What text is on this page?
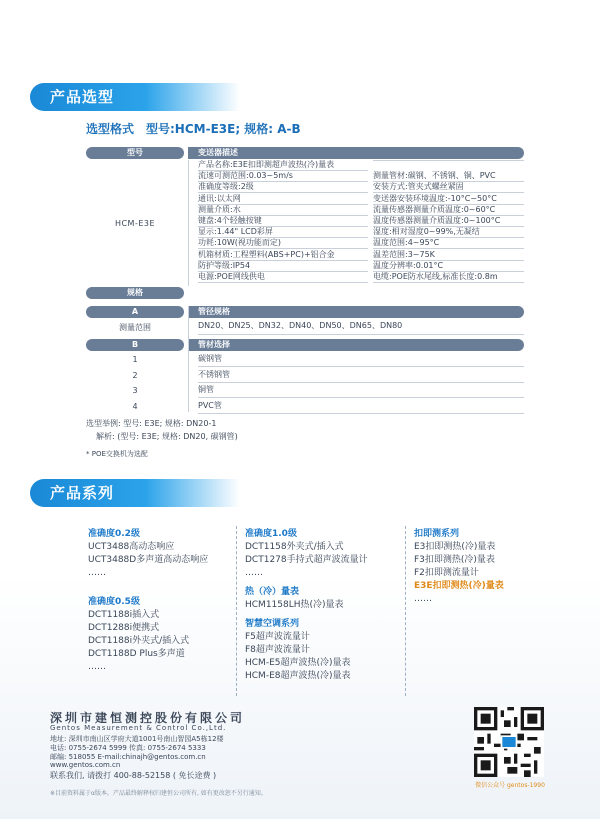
产品选型
选型格式　型号:HCM-E3E; 规格: A-B
型号	变送器描述
HCM-E3E
产品名称:E3E扣即测超声波热(冷)量表
流速可测范围:0.03~5m/s	测量管材:碳钢、不锈钢、铜、PVC
准确度等级:2级	安装方式:管夹式螺丝紧固
通讯:以太网	变送器安装环境温度:-10°C~50°C
测量介质:水	流量传感器测量介质温度:0~60°C
键盘:4个轻触按键	温度传感器测量介质温度:0~100°C
显示:1.44" LCD彩屏	湿度:相对湿度0~99%,无凝结
功耗:10W(视功能而定)	温度范围:4~95°C
机箱材质:工程塑料(ABS+PC)+铝合金	温差范围:3~75K
防护等级:IP54	温度分辨率:0.01°C
电源:POE网线供电	电缆:POE防水尾线,标准长度:0.8m
规格
A	管径规格
测量范围	DN20、DN25、DN32、DN40、DN50、DN65、DN80
B	管材选择
1	碳钢管
2	不锈钢管
3	铜管
4	PVC管
选型举例: 型号: E3E; 规格: DN20-1
解析: (型号: E3E; 规格: DN20, 碳钢管)
* POE交换机为选配
产品系列
准确度0.2级
UCT3488高动态响应
UCT3488D多声道高动态响应
……
准确度0.5级
DCT1188i插入式
DCT1288i便携式
DCT1188i外夹式/插入式
DCT1188D Plus多声道
……
准确度1.0级
DCT1158外夹式/插入式
DCT1278手持式超声波流量计
……
热（冷）量表
HCM1158LH热(冷)量表
智慧空调系列
F5超声波流量计
F8超声波流量计
HCM-E5超声波热(冷)量表
HCM-E8超声波热(冷)量表
扣即测系列
E3扣即测热(冷)量表
F3扣即测热(冷)量表
F2扣即测流量计
E3E扣即测热(冷)量表
……
深圳市建恒测控股份有限公司
Gentos Measurement & Control Co.,Ltd.
地址: 深圳市南山区学府大道1001号南山智园A5栋12楼
电话: 0755-2674 5999 传真: 0755-2674 5333
邮编: 518055 E-mail:chinajh@gentos.com.cn
www.gentos.com.cn
联系我们, 请拨打 400-88-52158 ( 免长途费 )
※目前资料属于α版本。产品最终解释权归建恒公司所有, 如有更改恕不另行通知。
微信公众号 gentos-1990
